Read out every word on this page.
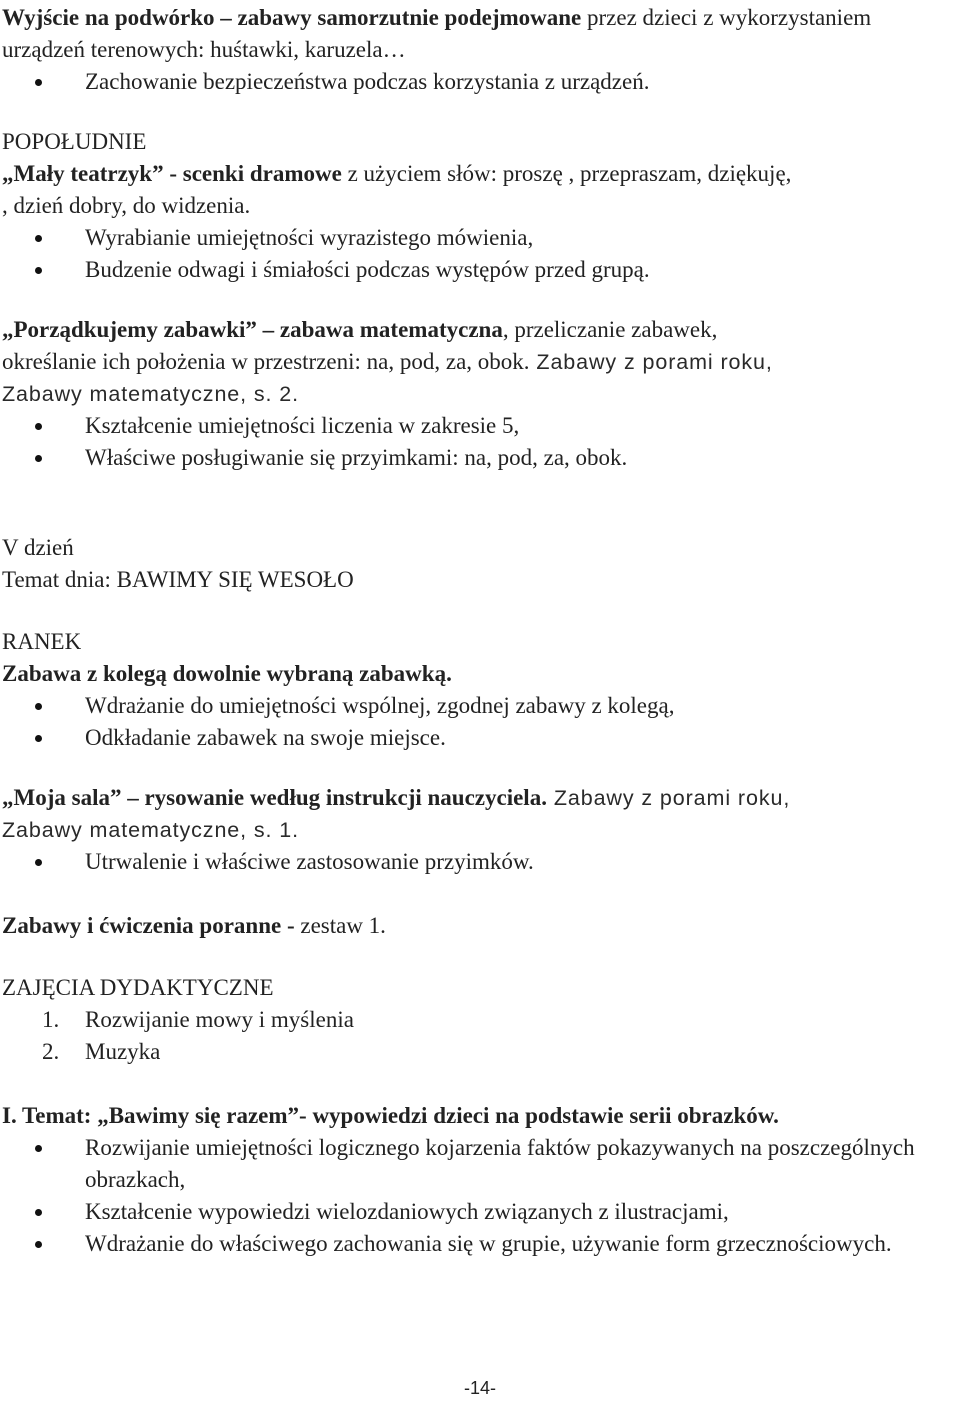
Wyjście na podwórko – zabawy samorzutnie podejmowane przez dzieci z wykorzystaniem urządzeń terenowych: huśtawki, karuzela…

Zachowanie bezpieczeństwa podczas korzystania z urządzeń.

POPOŁUDNIE

„Mały teatrzyk” - scenki dramowe z użyciem słów: proszę , przepraszam, dziękuję,

, dzień dobry, do widzenia.

Wyrabianie umiejętności wyrazistego mówienia,

Budzenie odwagi i śmiałości podczas występów przed grupą.

„Porządkujemy zabawki” – zabawa matematyczna, przeliczanie zabawek,

określanie ich położenia w przestrzeni: na, pod, za, obok. Zabawy z porami roku,

Zabawy matematyczne, s. 2.

Kształcenie umiejętności liczenia w zakresie 5,

Właściwe posługiwanie się przyimkami: na, pod, za, obok.

V dzień

Temat dnia: BAWIMY SIĘ WESOŁO

RANEK

Zabawa z kolegą dowolnie wybraną zabawką.

Wdrażanie do umiejętności wspólnej, zgodnej zabawy z kolegą,

Odkładanie zabawek na swoje miejsce.

„Moja sala” – rysowanie według instrukcji nauczyciela. Zabawy z porami roku,

Zabawy matematyczne, s. 1.

Utrwalenie i właściwe zastosowanie przyimków.

Zabawy i ćwiczenia poranne - zestaw 1.

ZAJĘCIA DYDAKTYCZNE

1. Rozwijanie mowy i myślenia

2. Muzyka

I. Temat: „Bawimy się razem”- wypowiedzi dzieci na podstawie serii obrazków.

Rozwijanie umiejętności logicznego kojarzenia faktów pokazywanych na poszczególnych obrazkach,

Kształcenie wypowiedzi wielozdaniowych związanych z ilustracjami,

Wdrażanie do właściwego zachowania się w grupie, używanie form grzecznościowych.

-14-
